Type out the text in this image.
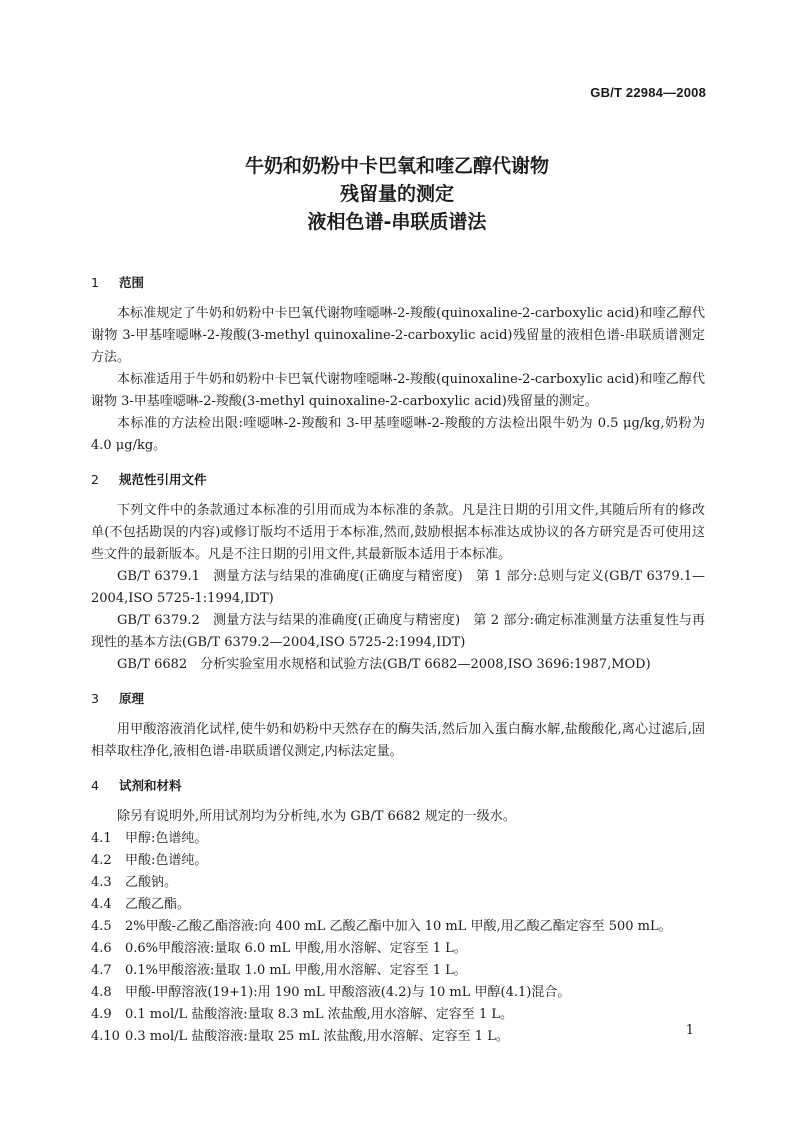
GB/T 22984—2008
牛奶和奶粉中卡巴氧和喹乙醇代谢物
残留量的测定
液相色谱-串联质谱法
1 范围

本标准规定了牛奶和奶粉中卡巴氧代谢物喹噁啉-2-羧酸(quinoxaline-2-carboxylic acid)和喹乙醇代谢物 3-甲基喹噁啉-2-羧酸(3-methyl quinoxaline-2-carboxylic acid)残留量的液相色谱-串联质谱测定方法。

本标准适用于牛奶和奶粉中卡巴氧代谢物喹噁啉-2-羧酸(quinoxaline-2-carboxylic acid)和喹乙醇代谢物 3-甲基喹噁啉-2-羧酸(3-methyl quinoxaline-2-carboxylic acid)残留量的测定。

本标准的方法检出限:喹噁啉-2-羧酸和 3-甲基喹噁啉-2-羧酸的方法检出限牛奶为 0.5 μg/kg,奶粉为 4.0 μg/kg。

2 规范性引用文件

下列文件中的条款通过本标准的引用而成为本标准的条款。凡是注日期的引用文件,其随后所有的修改单(不包括勘误的内容)或修订版均不适用于本标准,然而,鼓励根据本标准达成协议的各方研究是否可使用这些文件的最新版本。凡是不注日期的引用文件,其最新版本适用于本标准。

GB/T 6379.1　测量方法与结果的准确度(正确度与精密度)　第 1 部分:总则与定义(GB/T 6379.1—2004,ISO 5725-1:1994,IDT)

GB/T 6379.2　测量方法与结果的准确度(正确度与精密度)　第 2 部分:确定标准测量方法重复性与再现性的基本方法(GB/T 6379.2—2004,ISO 5725-2:1994,IDT)

GB/T 6682　分析实验室用水规格和试验方法(GB/T 6682—2008,ISO 3696:1987,MOD)

3 原理

用甲酸溶液消化试样,使牛奶和奶粉中天然存在的酶失活,然后加入蛋白酶水解,盐酸酸化,离心过滤后,固相萃取柱净化,液相色谱-串联质谱仪测定,内标法定量。

4 试剂和材料

除另有说明外,所用试剂均为分析纯,水为 GB/T 6682 规定的一级水。

4.1 甲醇:色谱纯。
4.2 甲酸:色谱纯。
4.3 乙酸钠。
4.4 乙酸乙酯。
4.5 2%甲酸-乙酸乙酯溶液:向 400 mL 乙酸乙酯中加入 10 mL 甲酸,用乙酸乙酯定容至 500 mL。
4.6 0.6%甲酸溶液:量取 6.0 mL 甲酸,用水溶解、定容至 1 L。
4.7 0.1%甲酸溶液:量取 1.0 mL 甲酸,用水溶解、定容至 1 L。
4.8 甲酸-甲醇溶液(19+1):用 190 mL 甲酸溶液(4.2)与 10 mL 甲醇(4.1)混合。
4.9 0.1 mol/L 盐酸溶液:量取 8.3 mL 浓盐酸,用水溶解、定容至 1 L。
4.10 0.3 mol/L 盐酸溶液:量取 25 mL 浓盐酸,用水溶解、定容至 1 L。	1
